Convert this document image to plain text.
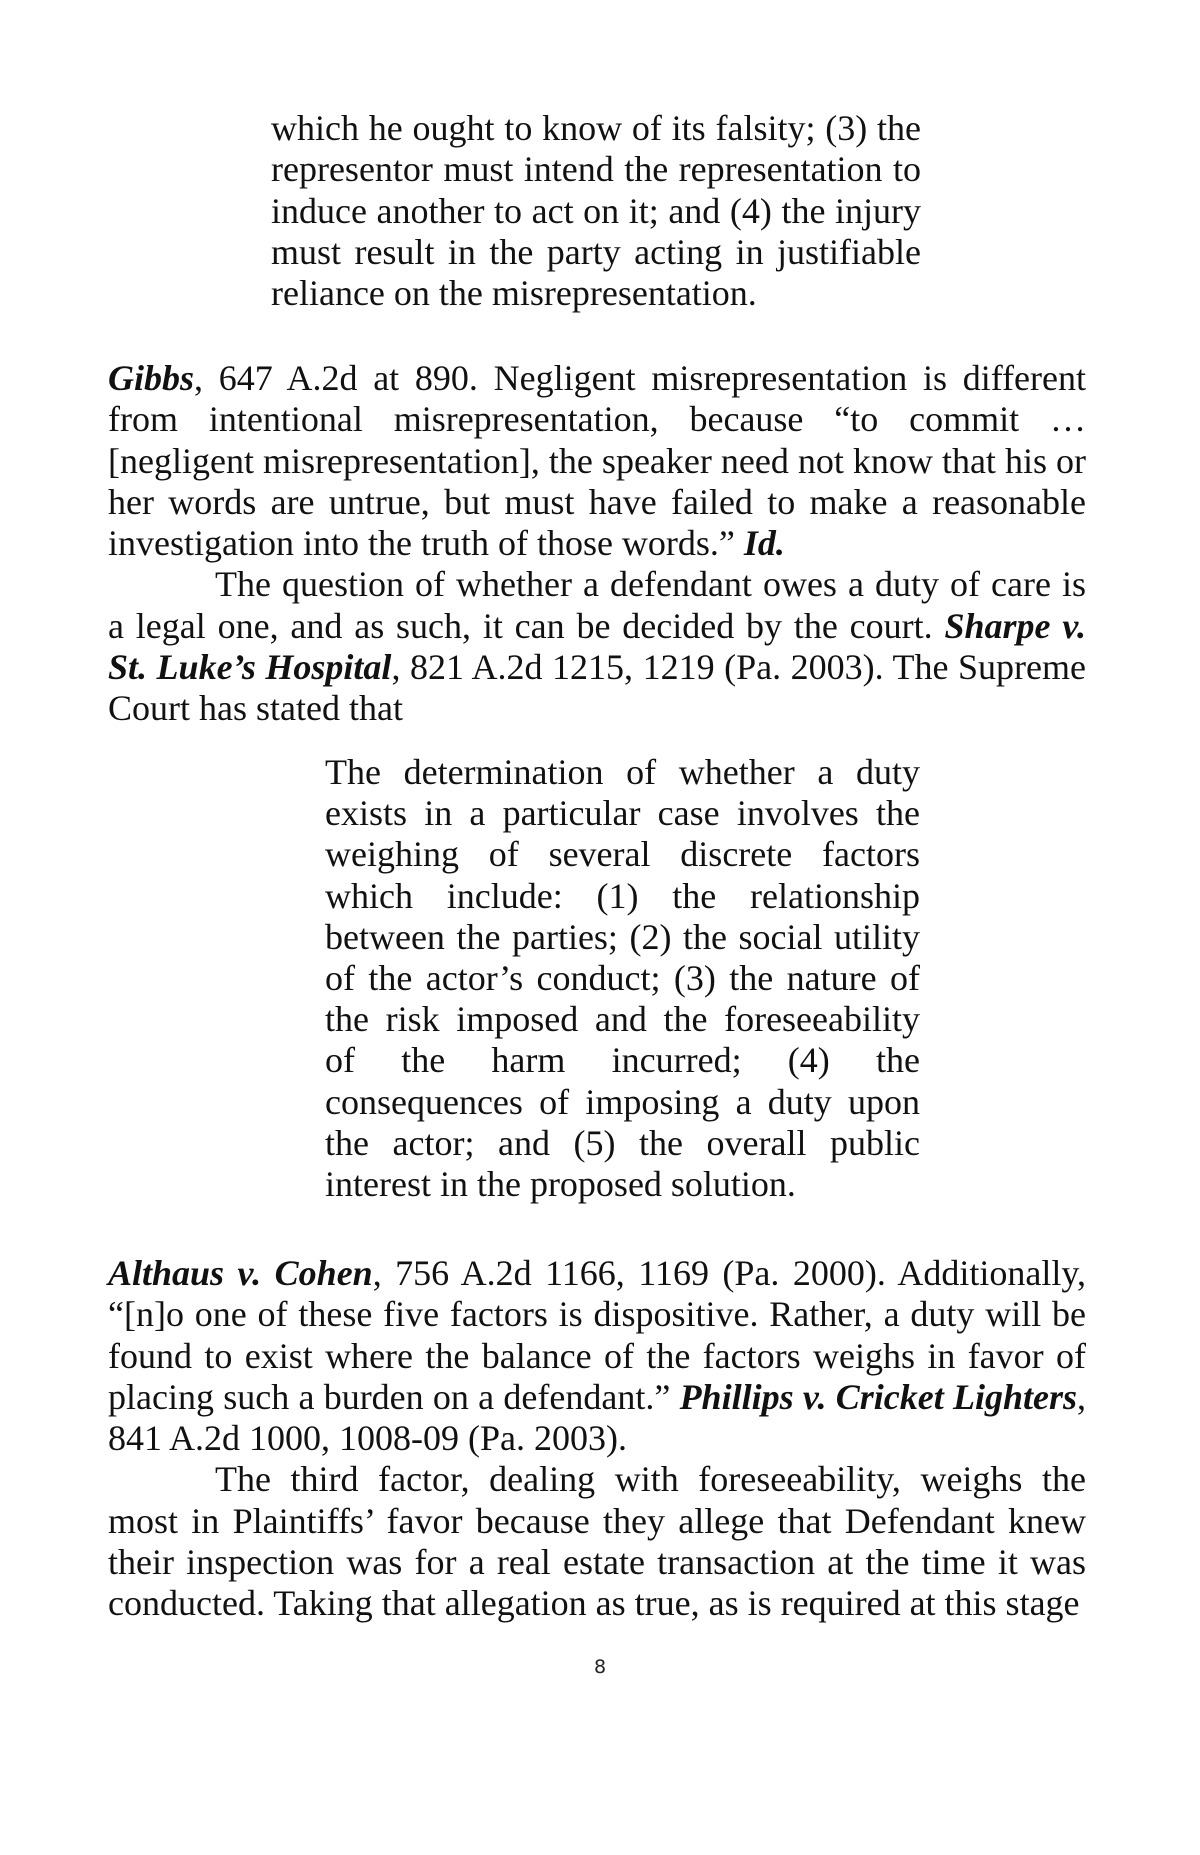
which he ought to know of its falsity; (3) the representor must intend the representation to induce another to act on it; and (4) the injury must result in the party acting in justifiable reliance on the misrepresentation.

Gibbs, 647 A.2d at 890. Negligent misrepresentation is different from intentional misrepresentation, because “to commit … [negligent misrepresentation], the speaker need not know that his or her words are untrue, but must have failed to make a reasonable investigation into the truth of those words.” Id.
The question of whether a defendant owes a duty of care is a legal one, and as such, it can be decided by the court. Sharpe v. St. Luke’s Hospital, 821 A.2d 1215, 1219 (Pa. 2003). The Supreme Court has stated that

The determination of whether a duty exists in a particular case involves the weighing of several discrete factors which include: (1) the relationship between the parties; (2) the social utility of the actor’s conduct; (3) the nature of the risk imposed and the foreseeability of the harm incurred; (4) the consequences of imposing a duty upon the actor; and (5) the overall public interest in the proposed solution.

Althaus v. Cohen, 756 A.2d 1166, 1169 (Pa. 2000). Additionally, “[n]o one of these five factors is dispositive. Rather, a duty will be found to exist where the balance of the factors weighs in favor of placing such a burden on a defendant.” Phillips v. Cricket Lighters, 841 A.2d 1000, 1008-09 (Pa. 2003).
The third factor, dealing with foreseeability, weighs the most in Plaintiffs’ favor because they allege that Defendant knew their inspection was for a real estate transaction at the time it was conducted. Taking that allegation as true, as is required at this stage

8
